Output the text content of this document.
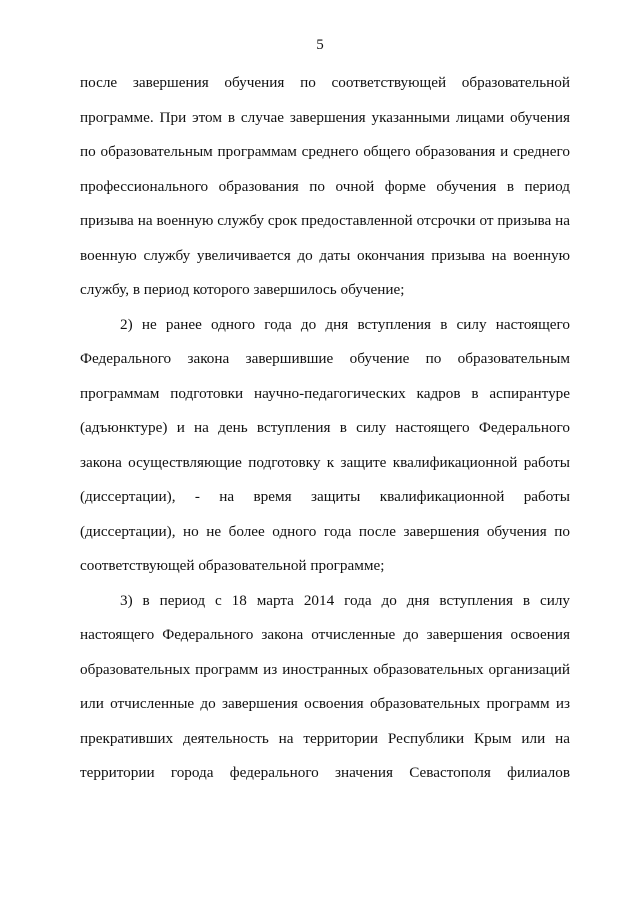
5

после завершения обучения по соответствующей образовательной программе. При этом в случае завершения указанными лицами обучения по образовательным программам среднего общего образования и среднего профессионального образования по очной форме обучения в период призыва на военную службу срок предоставленной отсрочки от призыва на военную службу увеличивается до даты окончания призыва на военную службу, в период которого завершилось обучение;

2) не ранее одного года до дня вступления в силу настоящего Федерального закона завершившие обучение по образовательным программам подготовки научно-педагогических кадров в аспирантуре (адъюнктуре) и на день вступления в силу настоящего Федерального закона осуществляющие подготовку к защите квалификационной работы (диссертации), - на время защиты квалификационной работы (диссертации), но не более одного года после завершения обучения по соответствующей образовательной программе;

3) в период с 18 марта 2014 года до дня вступления в силу настоящего Федерального закона отчисленные до завершения освоения образовательных программ из иностранных образовательных организаций или отчисленные до завершения освоения образовательных программ из прекративших деятельность на территории Республики Крым или на территории города федерального значения Севастополя филиалов
